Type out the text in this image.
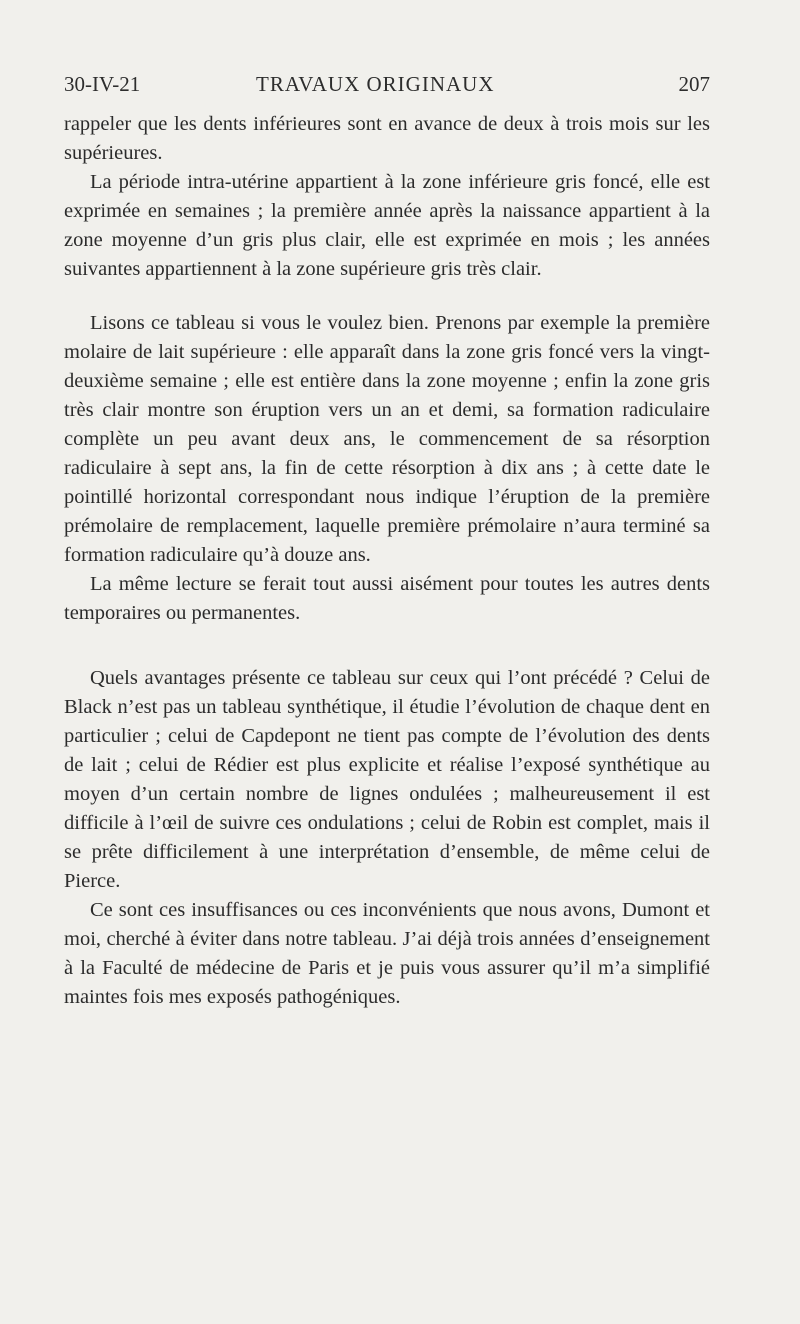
30-IV-21	TRAVAUX ORIGINAUX	207

rappeler que les dents inférieures sont en avance de deux à trois mois sur les supérieures.

La période intra-utérine appartient à la zone inférieure gris foncé, elle est exprimée en semaines ; la première année après la naissance appartient à la zone moyenne d’un gris plus clair, elle est exprimée en mois ; les années suivantes appartiennent à la zone supérieure gris très clair.

Lisons ce tableau si vous le voulez bien. Prenons par exemple la première molaire de lait supérieure : elle apparaît dans la zone gris foncé vers la vingt-deuxième semaine ; elle est entière dans la zone moyenne ; enfin la zone gris très clair montre son éruption vers un an et demi, sa formation radiculaire complète un peu avant deux ans, le commencement de sa résorption radiculaire à sept ans, la fin de cette résorption à dix ans ; à cette date le pointillé horizontal correspondant nous indique l’éruption de la première prémolaire de remplacement, laquelle première prémolaire n’aura terminé sa formation radiculaire qu’à douze ans.

La même lecture se ferait tout aussi aisément pour toutes les autres dents temporaires ou permanentes.

Quels avantages présente ce tableau sur ceux qui l’ont précédé ? Celui de Black n’est pas un tableau synthétique, il étudie l’évolution de chaque dent en particulier ; celui de Capdepont ne tient pas compte de l’évolution des dents de lait ; celui de Rédier est plus explicite et réalise l’exposé synthétique au moyen d’un certain nombre de lignes ondulées ; malheureusement il est difficile à l’œil de suivre ces ondulations ; celui de Robin est complet, mais il se prête difficilement à une interprétation d’ensemble, de même celui de Pierce.

Ce sont ces insuffisances ou ces inconvénients que nous avons, Dumont et moi, cherché à éviter dans notre tableau. J’ai déjà trois années d’enseignement à la Faculté de médecine de Paris et je puis vous assurer qu’il m’a simplifié maintes fois mes exposés pathogéniques.
